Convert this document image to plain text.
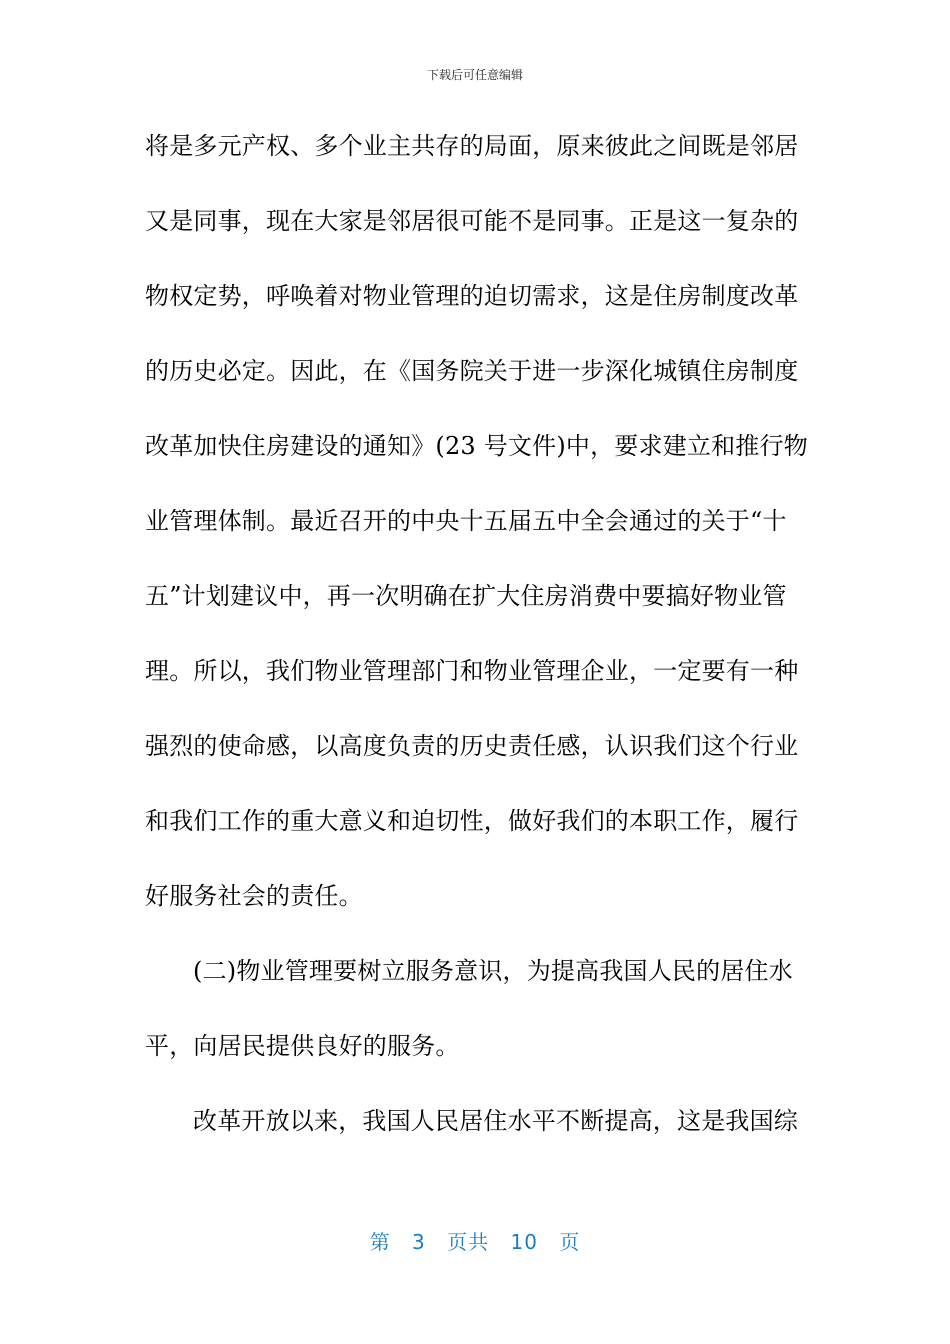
下载后可任意编辑
将是多元产权、多个业主共存的局面，原来彼此之间既是邻居
又是同事，现在大家是邻居很可能不是同事。正是这一复杂的
物权定势，呼唤着对物业管理的迫切需求，这是住房制度改革
的历史必定。因此，在《国务院关于进一步深化城镇住房制度
改革加快住房建设的通知》(23 号文件)中，要求建立和推行物
业管理体制。最近召开的中央十五届五中全会通过的关于“十
五”计划建议中，再一次明确在扩大住房消费中要搞好物业管
理。所以，我们物业管理部门和物业管理企业，一定要有一种
强烈的使命感，以高度负责的历史责任感，认识我们这个行业
和我们工作的重大意义和迫切性，做好我们的本职工作，履行
好服务社会的责任。
(二)物业管理要树立服务意识，为提高我国人民的居住水
平，向居民提供良好的服务。
改革开放以来，我国人民居住水平不断提高，这是我国综
第 3 页共 10 页
